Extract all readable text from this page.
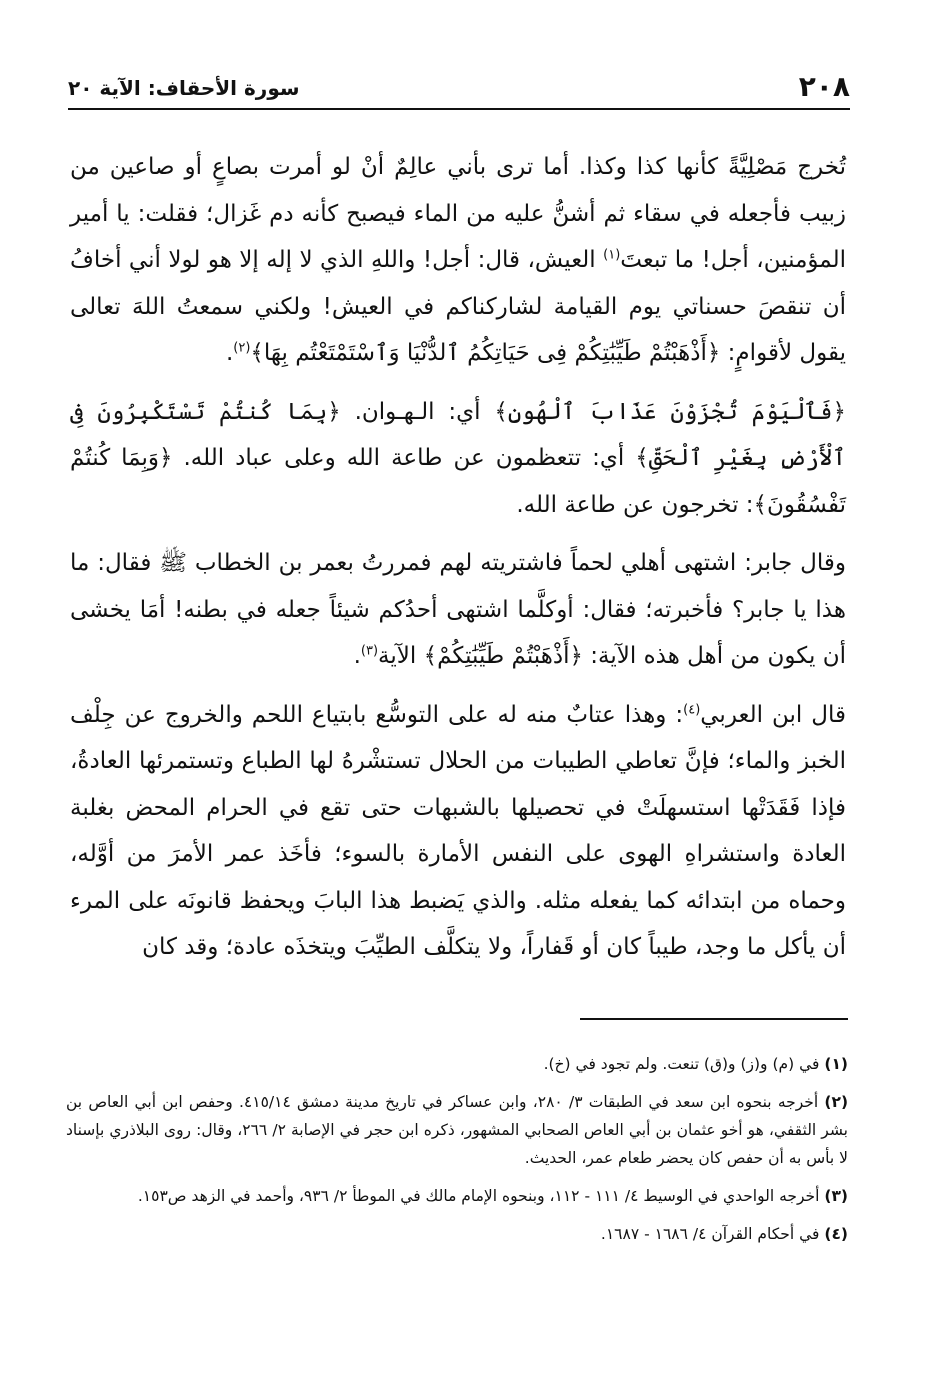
٢٠٨
سورة الأحقاف: الآية ٢٠

تُخرج مَصْلِيَّةً كأنها كذا وكذا. أما ترى بأني عالِمٌ أنْ لو أمرت بصاعٍ أو صاعين من زبيب فأجعله في سقاء ثم أشنُّ عليه من الماء فيصبح كأنه دم غَزال؛ فقلت: يا أمير المؤمنين، أجل! ما تبعتَ$^{(١)}$ العيش، قال: أجل! واللهِ الذي لا إله إلا هو لولا أني أخافُ أن تنقصَ حسناتي يوم القيامة لشاركناكم في العيش! ولكني سمعتُ اللهَ تعالى يقول لأقوامٍ: ﴿أَذْهَبْتُمْ طَيِّبَٰتِكُمْ فِى حَيَاتِكُمُ ٱلدُّنْيَا وَٱسْتَمْتَعْتُم بِهَا﴾$^{(٢)}$.

﴿فَٱلْيَوْمَ تُجْزَوْنَ عَذَابَ ٱلْهُونِ﴾ أي: الـهـوان. ﴿بِمَا كُنتُمْ تَسْتَكْبِرُونَ فِى ٱلْأَرْضِ بِغَيْرِ ٱلْحَقِّ﴾ أي: تتعظمون عن طاعة الله وعلى عباد الله. ﴿وَبِمَا كُنتُمْ تَفْسُقُونَ﴾: تخرجون عن طاعة الله.

وقال جابر: اشتهى أهلي لحماً فاشتريته لهم فمررتُ بعمر بن الخطاب ﷺ فقال: ما هذا يا جابر؟ فأخبرته؛ فقال: أوكلَّما اشتهى أحدُكم شيئاً جعله في بطنه! أمَا يخشى أن يكون من أهل هذه الآية: ﴿أَذْهَبْتُمْ طَيِّبَٰتِكُمْ﴾ الآية$^{(٣)}$.

قال ابن العربي$^{(٤)}$: وهذا عتابٌ منه له على التوسُّع بابتياع اللحم والخروج عن جِلْف الخبز والماء؛ فإنَّ تعاطي الطيبات من الحلال تستشْرهُ لها الطباع وتستمرئها العادةُ، فإذا فَقَدَتْها استسهلَتْ في تحصيلها بالشبهات حتى تقع في الحرام المحض بغلبة العادة واستشراهِ الهوى على النفس الأمارة بالسوء؛ فأخَذ عمر الأمرَ من أوَّله، وحماه من ابتدائه كما يفعله مثله. والذي يَضبط هذا البابَ ويحفظ قانونَه على المرء أن يأكل ما وجد، طيباً كان أو قَفاراً، ولا يتكلَّف الطيِّبَ ويتخذَه عادة؛ وقد كان

(١) في (م) و(ز) و(ق) تنعت. ولم تجود في (خ).

(٢) أخرجه بنحوه ابن سعد في الطبقات ٣/ ٢٨٠، وابن عساكر في تاريخ مدينة دمشق ٤١٥/١٤. وحفص ابن أبي العاص بن بشر الثقفي، هو أخو عثمان بن أبي العاص الصحابي المشهور، ذكره ابن حجر في الإصابة ٢/ ٢٦٦، وقال: روى البلاذري بإسناد لا بأس به أن حفص كان يحضر طعام عمر، الحديث.

(٣) أخرجه الواحدي في الوسيط ٤/ ١١١ - ١١٢، وبنحوه الإمام مالك في الموطأ ٢/ ٩٣٦، وأحمد في الزهد ص١٥٣.

(٤) في أحكام القرآن ٤/ ١٦٨٦ - ١٦٨٧.
